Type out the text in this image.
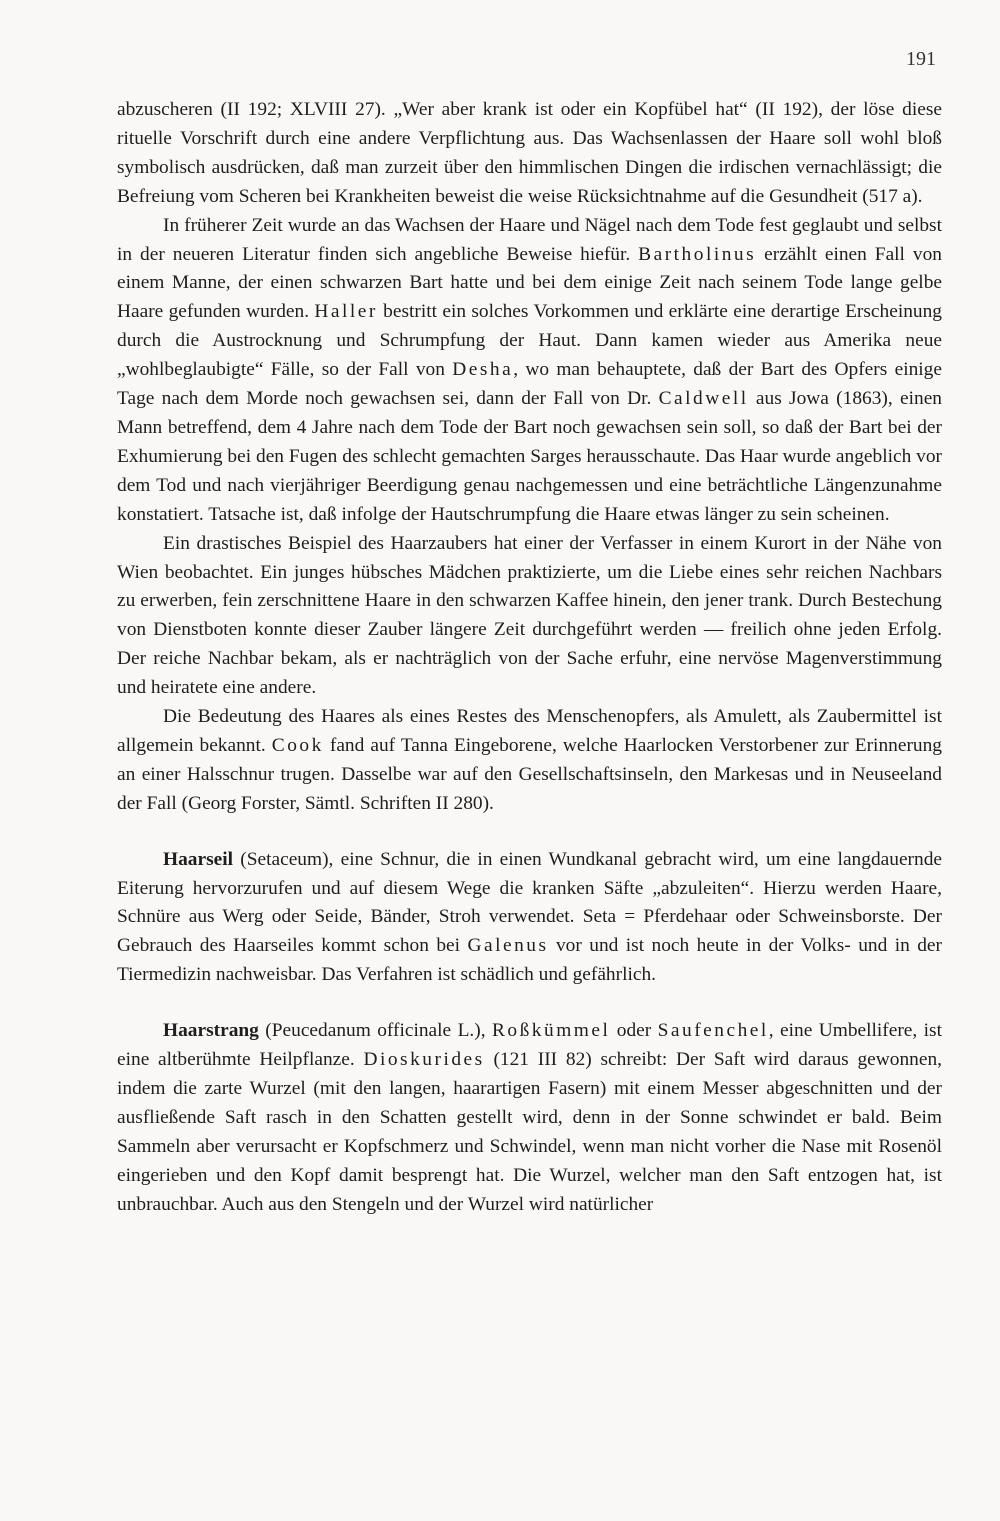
191

abzuscheren (II 192; XLVIII 27). „Wer aber krank ist oder ein Kopfübel hat“ (II 192), der löse diese rituelle Vorschrift durch eine andere Verpflichtung aus. Das Wachsenlassen der Haare soll wohl bloß symbolisch ausdrücken, daß man zurzeit über den himmlischen Dingen die irdischen vernachlässigt; die Befreiung vom Scheren bei Krankheiten beweist die weise Rücksichtnahme auf die Gesundheit (517 a).

In früherer Zeit wurde an das Wachsen der Haare und Nägel nach dem Tode fest geglaubt und selbst in der neueren Literatur finden sich angebliche Beweise hiefür. Bartholinus erzählt einen Fall von einem Manne, der einen schwarzen Bart hatte und bei dem einige Zeit nach seinem Tode lange gelbe Haare gefunden wurden. Haller bestritt ein solches Vorkommen und erklärte eine derartige Erscheinung durch die Austrocknung und Schrumpfung der Haut. Dann kamen wieder aus Amerika neue „wohlbeglaubigte“ Fälle, so der Fall von Desha, wo man behauptete, daß der Bart des Opfers einige Tage nach dem Morde noch gewachsen sei, dann der Fall von Dr. Caldwell aus Jowa (1863), einen Mann betreffend, dem 4 Jahre nach dem Tode der Bart noch gewachsen sein soll, so daß der Bart bei der Exhumierung bei den Fugen des schlecht gemachten Sarges herausschaute. Das Haar wurde angeblich vor dem Tod und nach vierjähriger Beerdigung genau nachgemessen und eine beträchtliche Längenzunahme konstatiert. Tatsache ist, daß infolge der Hautschrumpfung die Haare etwas länger zu sein scheinen.

Ein drastisches Beispiel des Haarzaubers hat einer der Verfasser in einem Kurort in der Nähe von Wien beobachtet. Ein junges hübsches Mädchen praktizierte, um die Liebe eines sehr reichen Nachbars zu erwerben, fein zerschnittene Haare in den schwarzen Kaffee hinein, den jener trank. Durch Bestechung von Dienstboten konnte dieser Zauber längere Zeit durchgeführt werden — freilich ohne jeden Erfolg. Der reiche Nachbar bekam, als er nachträglich von der Sache erfuhr, eine nervöse Magenverstimmung und heiratete eine andere.

Die Bedeutung des Haares als eines Restes des Menschenopfers, als Amulett, als Zaubermittel ist allgemein bekannt. Cook fand auf Tanna Eingeborene, welche Haarlocken Verstorbener zur Erinnerung an einer Halsschnur trugen. Dasselbe war auf den Gesellschaftsinseln, den Markesas und in Neuseeland der Fall (Georg Forster, Sämtl. Schriften II 280).

Haarseil (Setaceum), eine Schnur, die in einen Wundkanal gebracht wird, um eine langdauernde Eiterung hervorzurufen und auf diesem Wege die kranken Säfte „abzuleiten“. Hierzu werden Haare, Schnüre aus Werg oder Seide, Bänder, Stroh verwendet. Seta = Pferdehaar oder Schweinsborste. Der Gebrauch des Haarseiles kommt schon bei Galenus vor und ist noch heute in der Volks- und in der Tiermedizin nachweisbar. Das Verfahren ist schädlich und gefährlich.

Haarstrang (Peucedanum officinale L.), Roßkümmel oder Saufenchel, eine Umbellifere, ist eine altberühmte Heilpflanze. Dioskurides (121 III 82) schreibt: Der Saft wird daraus gewonnen, indem die zarte Wurzel (mit den langen, haarartigen Fasern) mit einem Messer abgeschnitten und der ausfließende Saft rasch in den Schatten gestellt wird, denn in der Sonne schwindet er bald. Beim Sammeln aber verursacht er Kopfschmerz und Schwindel, wenn man nicht vorher die Nase mit Rosenöl eingerieben und den Kopf damit besprengt hat. Die Wurzel, welcher man den Saft entzogen hat, ist unbrauchbar. Auch aus den Stengeln und der Wurzel wird natürlicher
